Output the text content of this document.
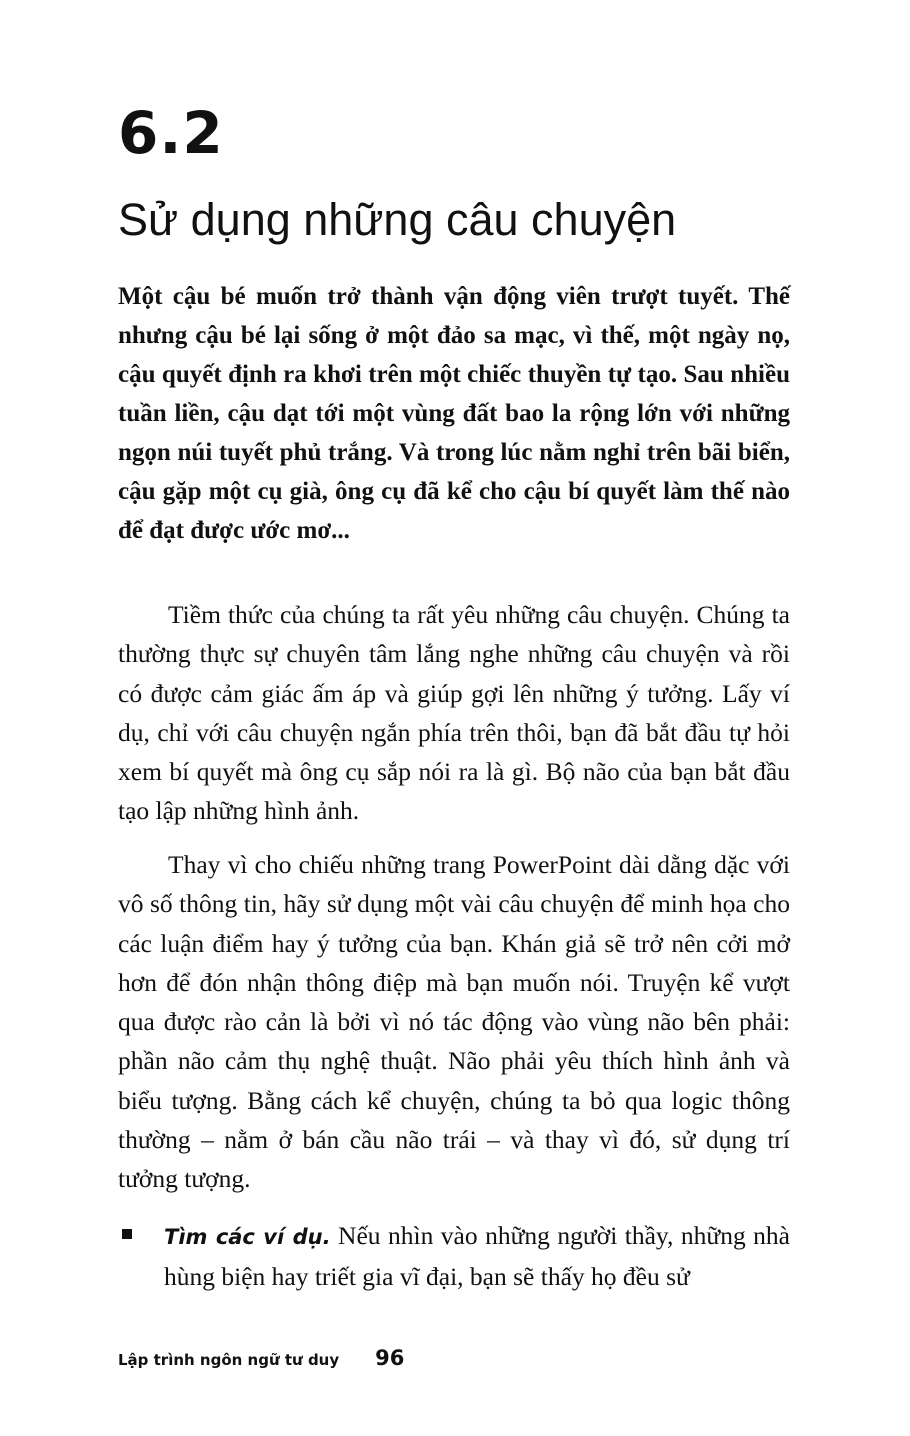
6.2
Sử dụng những câu chuyện

Một cậu bé muốn trở thành vận động viên trượt tuyết. Thế nhưng cậu bé lại sống ở một đảo sa mạc, vì thế, một ngày nọ, cậu quyết định ra khơi trên một chiếc thuyền tự tạo. Sau nhiều tuần liền, cậu dạt tới một vùng đất bao la rộng lớn với những ngọn núi tuyết phủ trắng. Và trong lúc nằm nghỉ trên bãi biển, cậu gặp một cụ già, ông cụ đã kể cho cậu bí quyết làm thế nào để đạt được ước mơ...

Tiềm thức của chúng ta rất yêu những câu chuyện. Chúng ta thường thực sự chuyên tâm lắng nghe những câu chuyện và rồi có được cảm giác ấm áp và giúp gợi lên những ý tưởng. Lấy ví dụ, chỉ với câu chuyện ngắn phía trên thôi, bạn đã bắt đầu tự hỏi xem bí quyết mà ông cụ sắp nói ra là gì. Bộ não của bạn bắt đầu tạo lập những hình ảnh.

Thay vì cho chiếu những trang PowerPoint dài dằng dặc với vô số thông tin, hãy sử dụng một vài câu chuyện để minh họa cho các luận điểm hay ý tưởng của bạn. Khán giả sẽ trở nên cởi mở hơn để đón nhận thông điệp mà bạn muốn nói. Truyện kể vượt qua được rào cản là bởi vì nó tác động vào vùng não bên phải: phần não cảm thụ nghệ thuật. Não phải yêu thích hình ảnh và biểu tượng. Bằng cách kể chuyện, chúng ta bỏ qua logic thông thường – nằm ở bán cầu não trái – và thay vì đó, sử dụng trí tưởng tượng.

Tìm các ví dụ. Nếu nhìn vào những người thầy, những nhà hùng biện hay triết gia vĩ đại, bạn sẽ thấy họ đều sử

Lập trình ngôn ngữ tư duy 96
